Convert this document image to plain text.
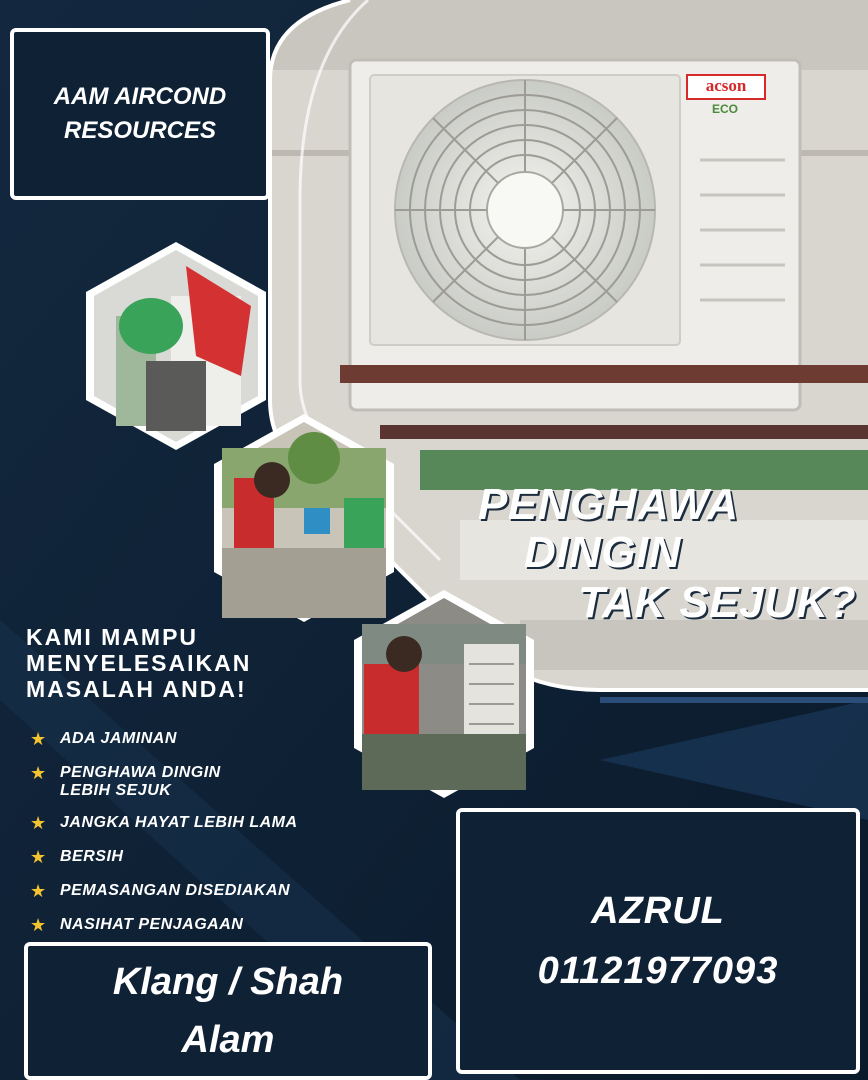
acson
ECO
AAM AIRCOND
RESOURCES
PENGHAWA
DINGIN
TAK SEJUK?
KAMI MAMPU
MENYELESAIKAN
MASALAH ANDA!
★ ADA JAMINAN
★ PENGHAWA DINGIN
LEBIH SEJUK
★ JANGKA HAYAT LEBIH LAMA
★ BERSIH
★ PEMASANGAN DISEDIAKAN
★ NASIHAT PENJAGAAN
Klang / Shah
Alam
AZRUL
01121977093
